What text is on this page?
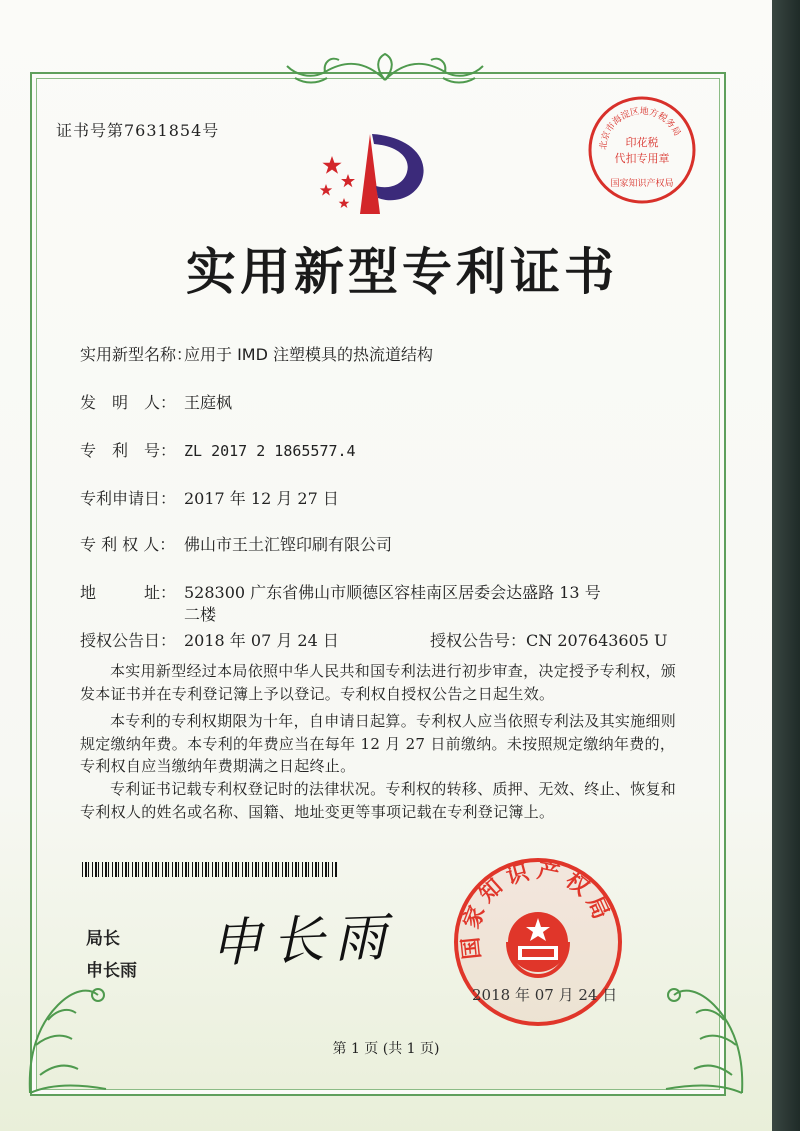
证书号第7631854号
北京市海淀区地方税务局
印花税
代扣专用章
国家知识产权局
实用新型专利证书
实用新型名称：应用于 IMD 注塑模具的热流道结构
发　明　人： 王庭枫
专　利　号： ZL 2017 2 1865577.4
专利申请日： 2017 年 12 月 27 日
专 利 权 人： 佛山市王土汇铿印刷有限公司
地　　　址： 528300 广东省佛山市顺德区容桂南区居委会达盛路 13 号
二楼
授权公告日： 2018 年 07 月 24 日	授权公告号：CN 207643605 U
本实用新型经过本局依照中华人民共和国专利法进行初步审查，决定授予专利权，颁发本证书并在专利登记簿上予以登记。专利权自授权公告之日起生效。
本专利的专利权期限为十年，自申请日起算。专利权人应当依照专利法及其实施细则规定缴纳年费。本专利的年费应当在每年 12 月 27 日前缴纳。未按照规定缴纳年费的，专利权自应当缴纳年费期满之日起终止。
专利证书记载专利权登记时的法律状况。专利权的转移、质押、无效、终止、恢复和专利权人的姓名或名称、国籍、地址变更等事项记载在专利登记簿上。
局长
申长雨 申长雨	国家知识产权局
2018 年 07 月 24 日
第 1 页 (共 1 页)
